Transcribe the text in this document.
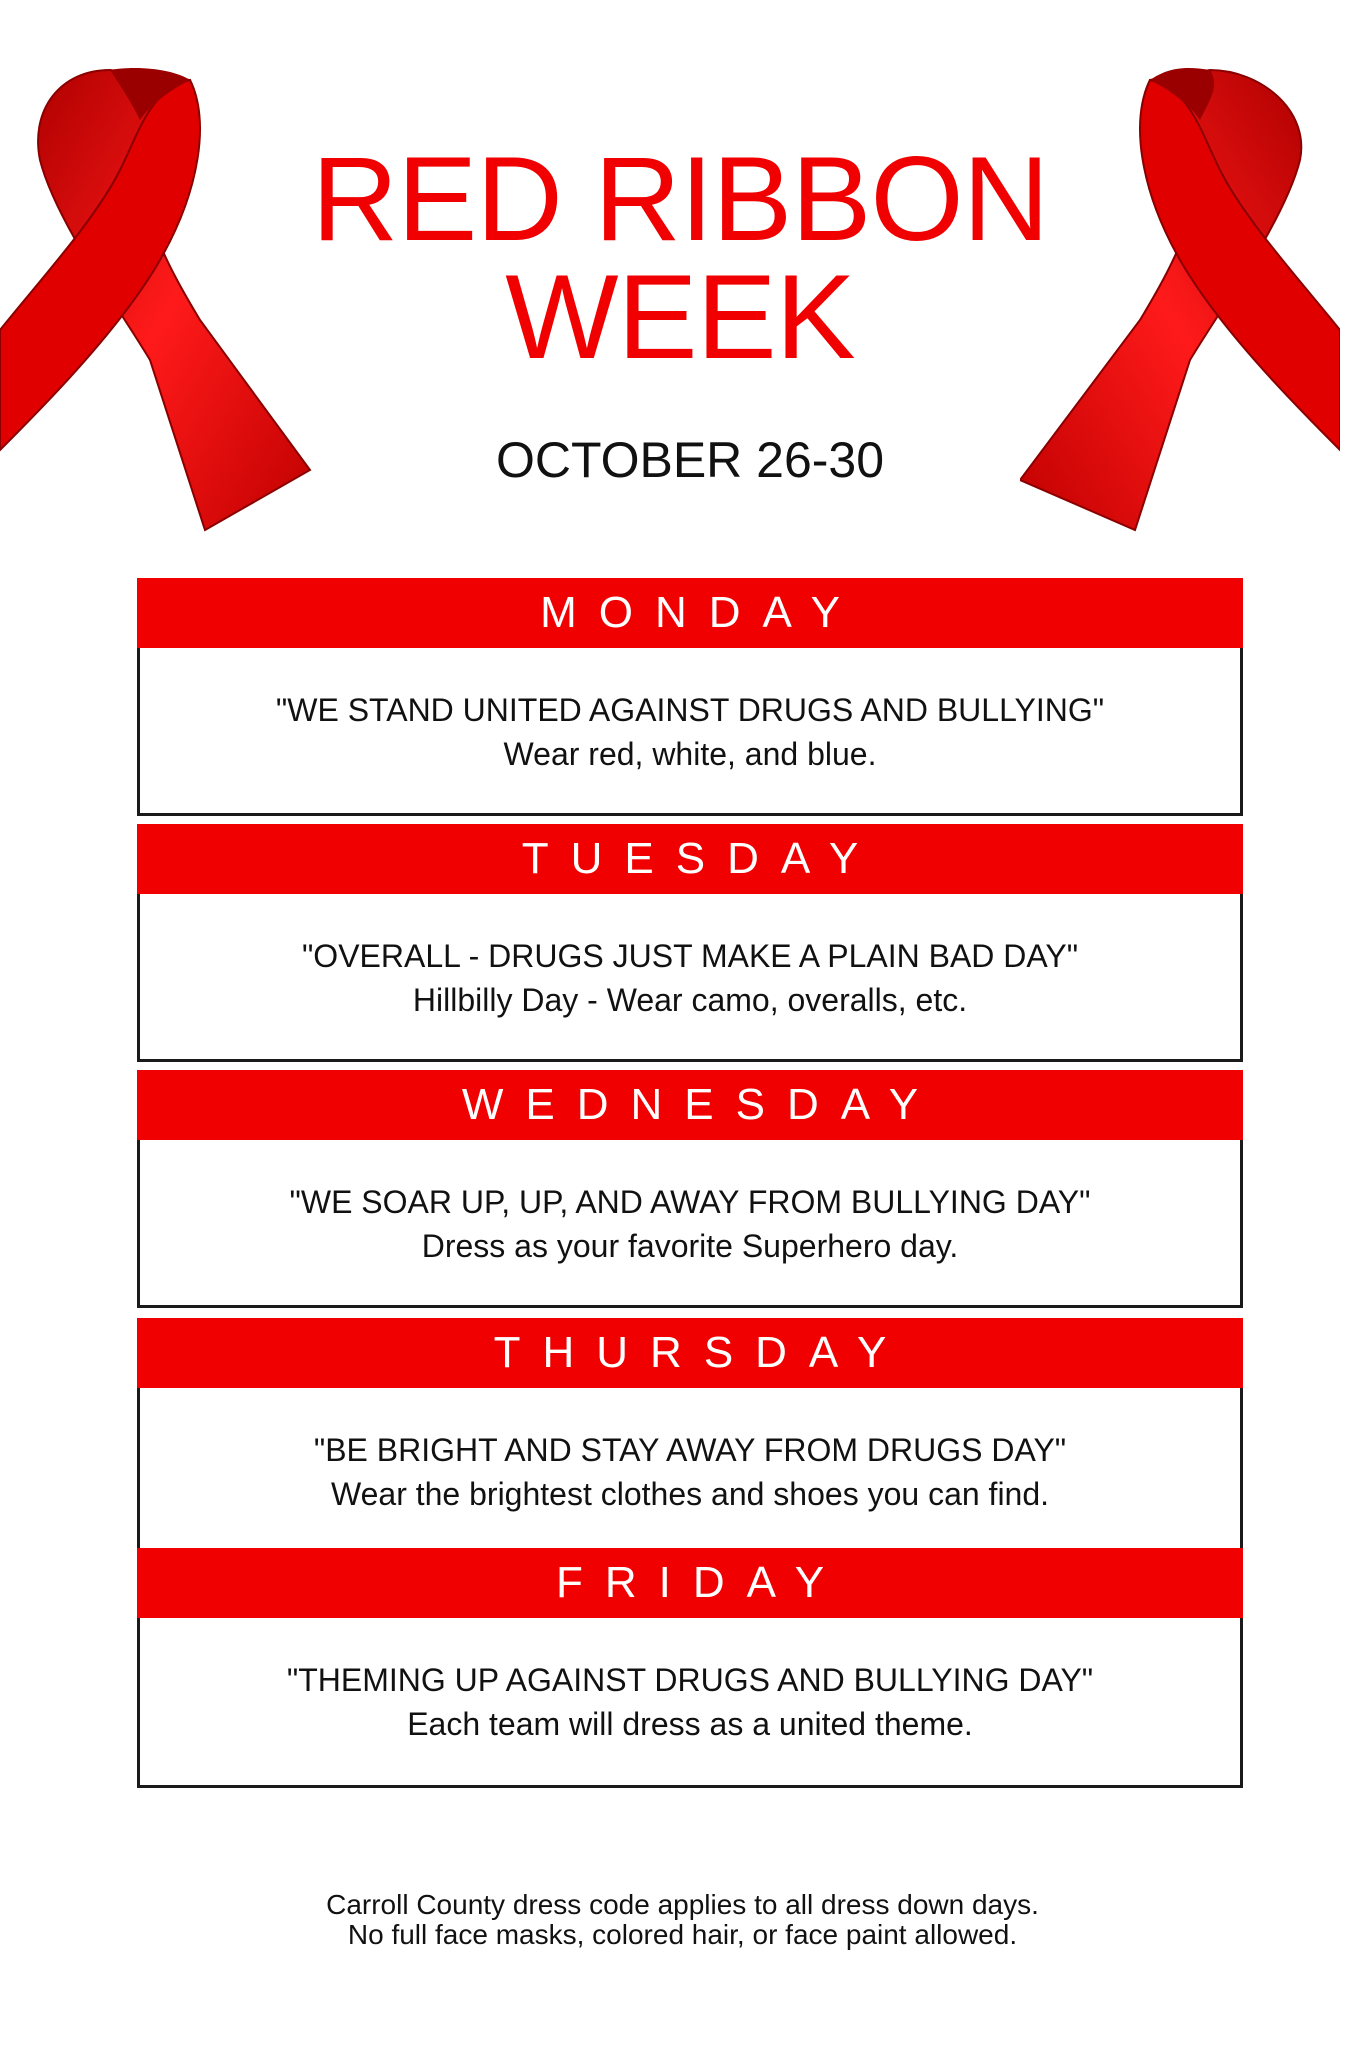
RED RIBBON
WEEK
OCTOBER 26-30
MONDAY
"WE STAND UNITED AGAINST DRUGS AND BULLYING"
Wear red, white, and blue.
TUESDAY
"OVERALL - DRUGS JUST MAKE A PLAIN BAD DAY"
Hillbilly Day - Wear camo, overalls, etc.
WEDNESDAY
"WE SOAR UP, UP, AND AWAY FROM BULLYING DAY"
Dress as your favorite Superhero day.
THURSDAY
"BE BRIGHT AND STAY AWAY FROM DRUGS DAY"
Wear the brightest clothes and shoes you can find.
FRIDAY
"THEMING UP AGAINST DRUGS AND BULLYING DAY"
Each team will dress as a united theme.
Carroll County dress code applies to all dress down days.
No full face masks, colored hair, or face paint allowed.
